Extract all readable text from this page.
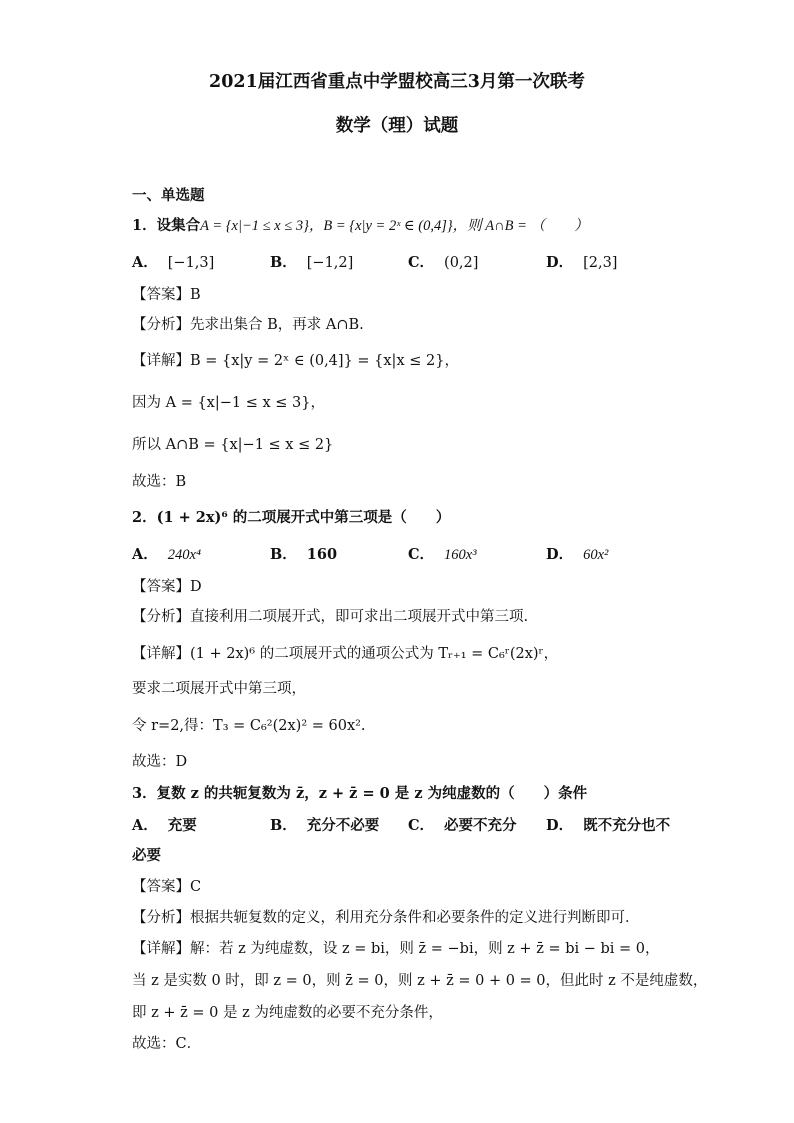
2021届江西省重点中学盟校高三3月第一次联考
数学（理）试题
一、单选题
1．设集合A = {x|−1 ≤ x ≤ 3}，B = {x|y = 2ˣ ∈ (0,4]}，则 A∩B = （　　）
A． [−1,3]	B． [−1,2]	C． (0,2]	D． [2,3]
【答案】B
【分析】先求出集合 B，再求 A∩B.
【详解】B = {x|y = 2ˣ ∈ (0,4]} = {x|x ≤ 2}，
因为 A = {x|−1 ≤ x ≤ 3}，
所以 A∩B = {x|−1 ≤ x ≤ 2}
故选：B
2．(1 + 2x)⁶ 的二项展开式中第三项是（　　）
A． 240x⁴	B． 160	C． 160x³	D． 60x²
【答案】D
【分析】直接利用二项展开式，即可求出二项展开式中第三项.
【详解】(1 + 2x)⁶ 的二项展开式的通项公式为 Tᵣ₊₁ = C₆ʳ(2x)ʳ，
要求二项展开式中第三项，
令 r=2,得：T₃ = C₆²(2x)² = 60x².
故选：D
3．复数 z 的共轭复数为 z̄，z + z̄ = 0 是 z 为纯虚数的（　　）条件
A． 充要	B． 充分不必要 C． 必要不充分 D． 既不充分也不
必要
【答案】C
【分析】根据共轭复数的定义，利用充分条件和必要条件的定义进行判断即可．
【详解】解：若 z 为纯虚数，设 z = bi，则 z̄ = −bi，则 z + z̄ = bi − bi = 0，
当 z 是实数 0 时，即 z = 0，则 z̄ = 0，则 z + z̄ = 0 + 0 = 0，但此时 z 不是纯虚数，
即 z + z̄ = 0 是 z 为纯虚数的必要不充分条件，
故选：C．
